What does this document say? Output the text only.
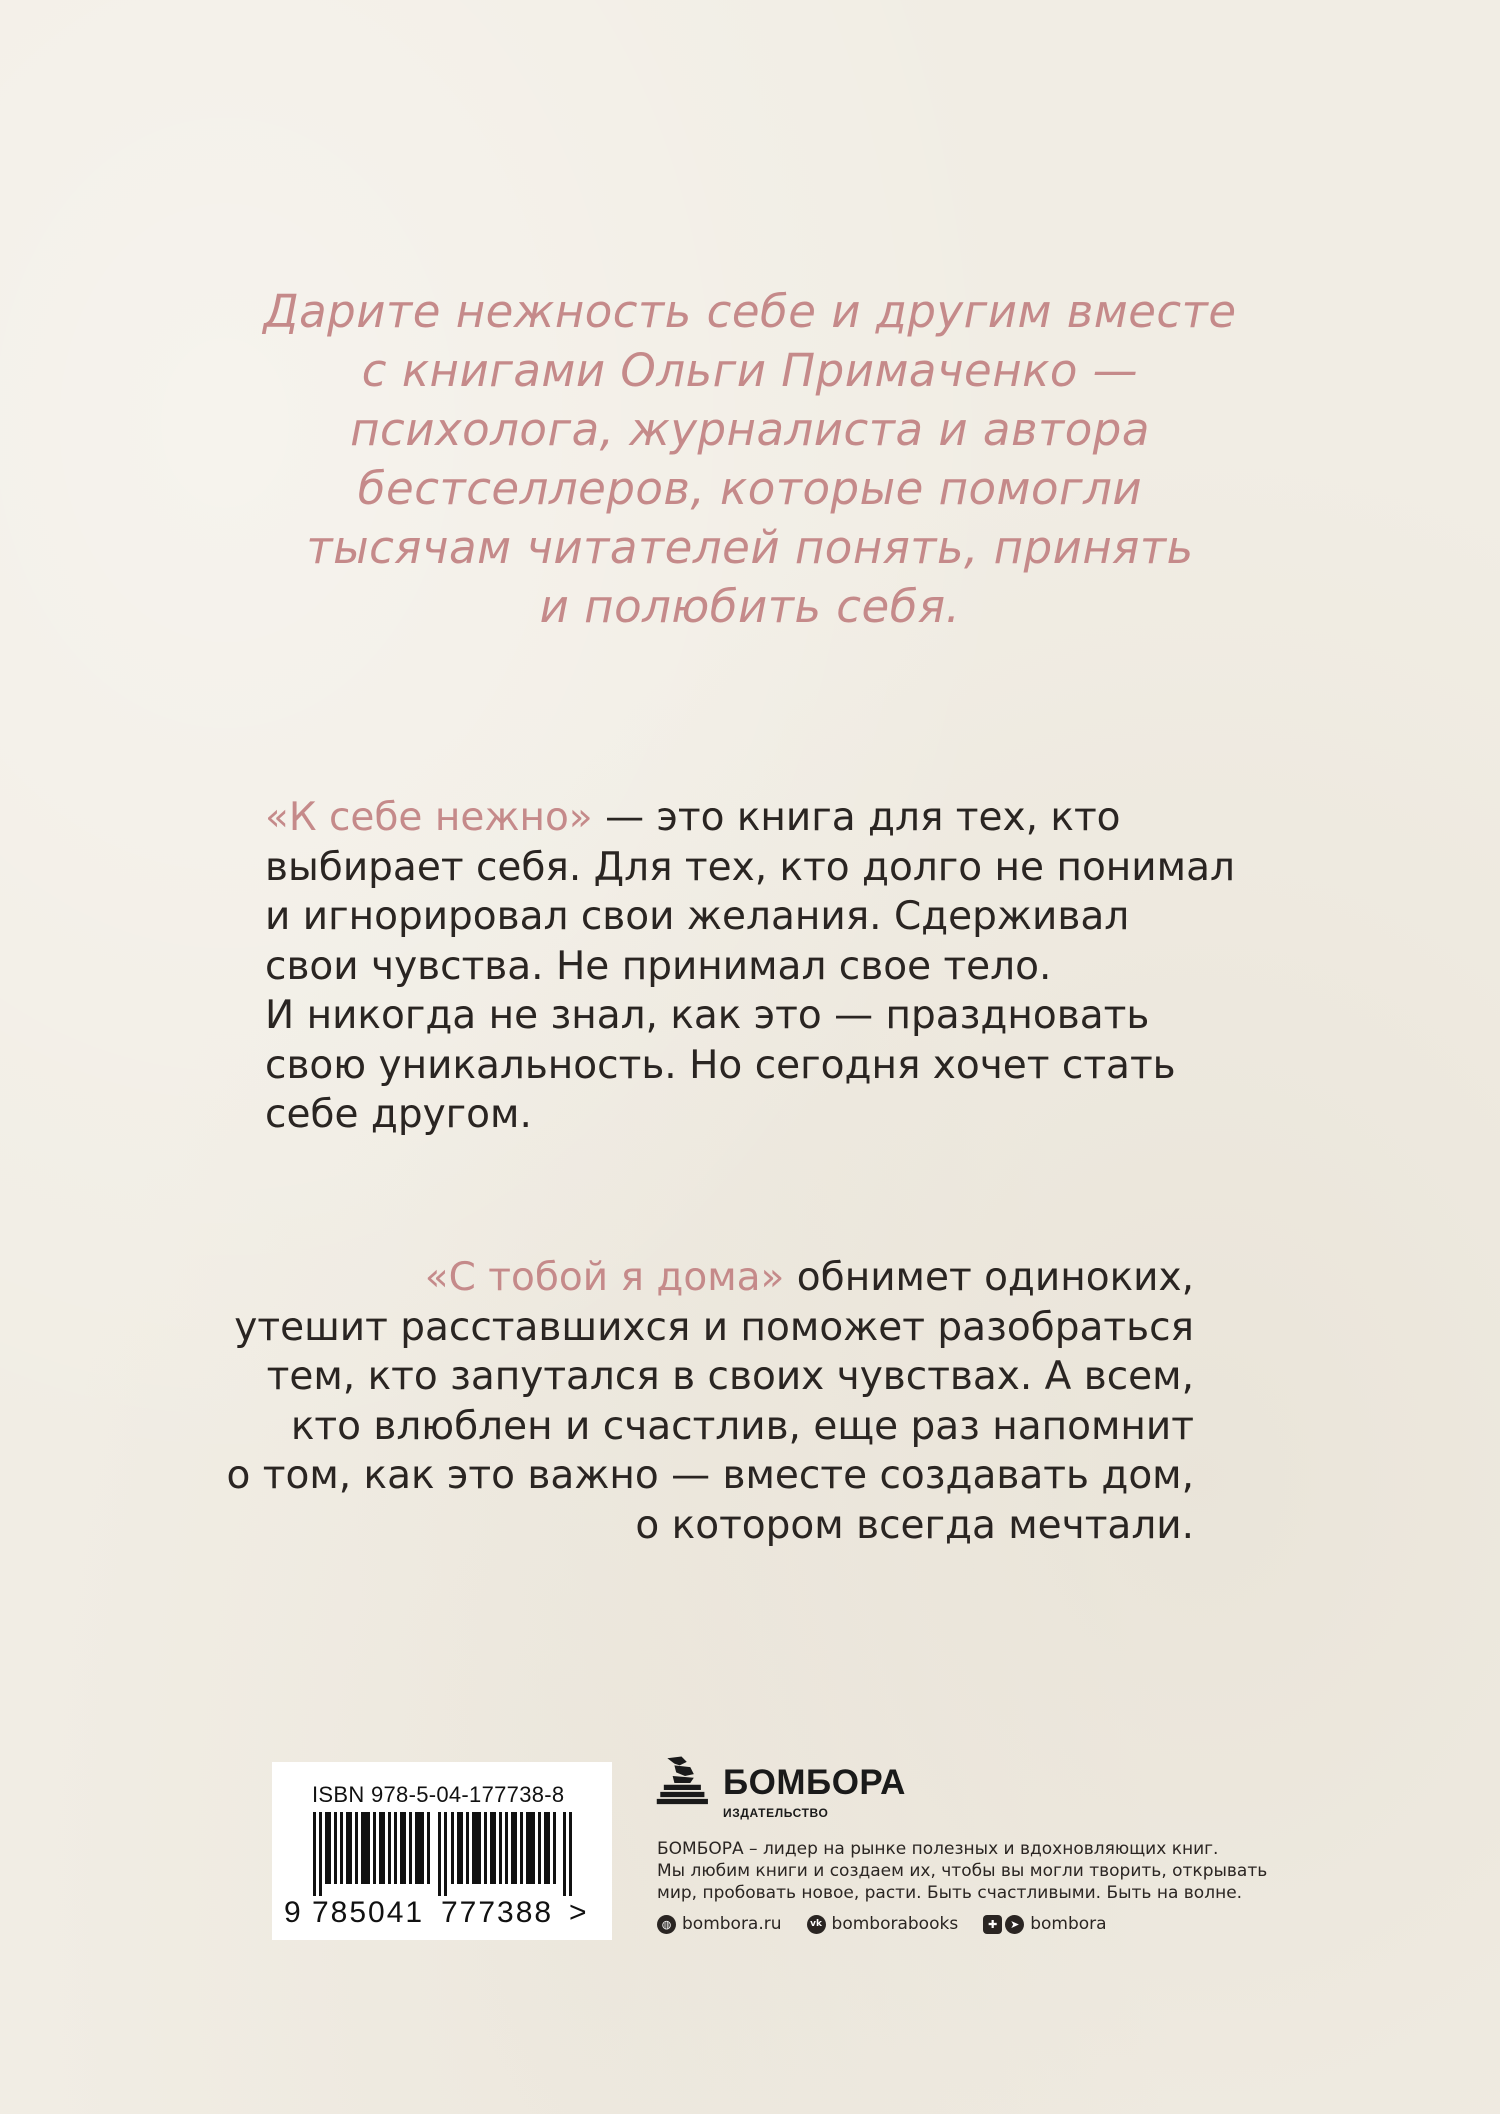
Дарите нежность себе и другим вместе
с книгами Ольги Примаченко —
психолога, журналиста и автора
бестселлеров, которые помогли
тысячам читателей понять, принять
и полюбить себя.
«К себе нежно» — это книга для тех, кто
выбирает себя. Для тех, кто долго не понимал
и игнорировал свои желания. Сдерживал
свои чувства. Не принимал свое тело.
И никогда не знал, как это — праздновать
свою уникальность. Но сегодня хочет стать
себе другом.
«С тобой я дома» обнимет одиноких,
утешит расставшихся и поможет разобраться
тем, кто запутался в своих чувствах. А всем,
кто влюблен и счастлив, еще раз напомнит
о том, как это важно — вместе создавать дом,
о котором всегда мечтали.
ISBN 978-5-04-177738-8
9 785041 777388 >
БОМБОРА
ИЗДАТЕЛЬСТВО
БОМБОРА – лидер на рынке полезных и вдохновляющих книг.
Мы любим книги и создаем их, чтобы вы могли творить, открывать
мир, пробовать новое, расти. Быть счастливыми. Быть на волне.
◍ bombora.ru	vk bomborabooks	✚	➤ bombora
